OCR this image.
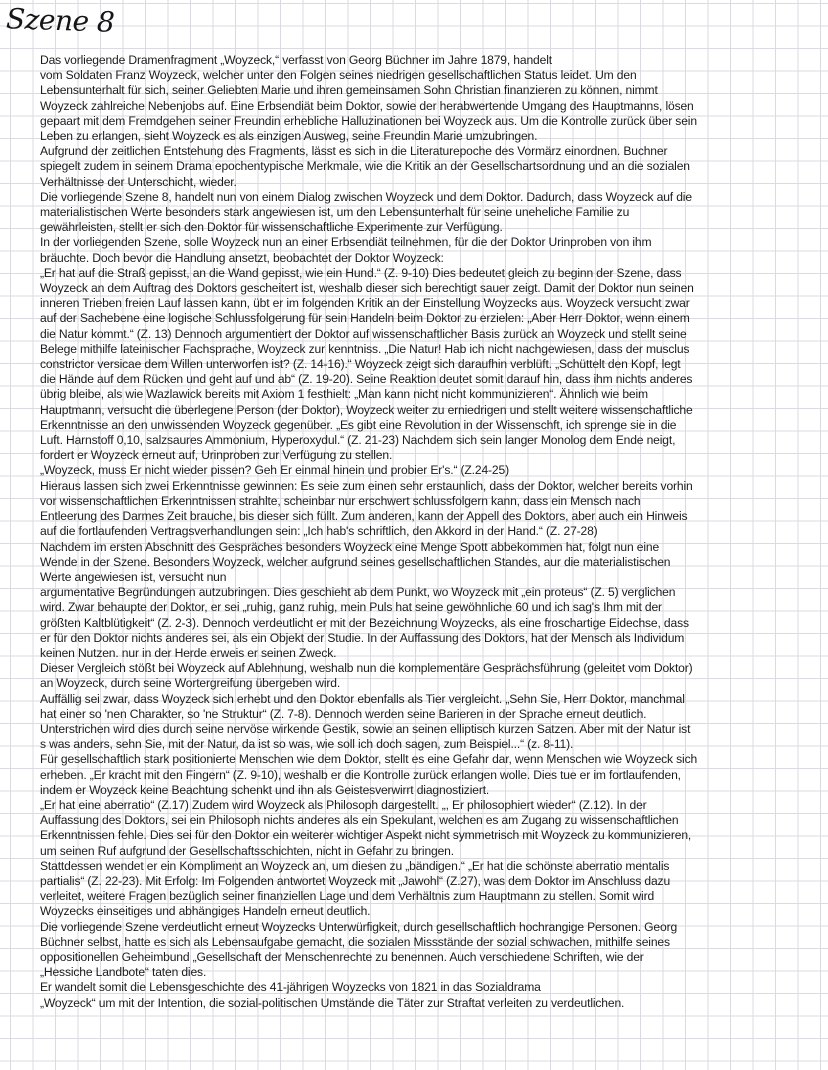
Szene 8
Das vorliegende Dramenfragment „Woyzeck,“ verfasst von Georg Büchner im Jahre 1879, handelt
vom Soldaten Franz Woyzeck, welcher unter den Folgen seines niedrigen gesellschaftlichen Status leidet. Um den
Lebensunterhalt für sich, seiner Geliebten Marie und ihren gemeinsamen Sohn Christian finanzieren zu können, nimmt
Woyzeck zahlreiche Nebenjobs auf. Eine Erbsendiät beim Doktor, sowie der herabwertende Umgang des Hauptmanns, lösen
gepaart mit dem Fremdgehen seiner Freundin erhebliche Halluzinationen bei Woyzeck aus. Um die Kontrolle zurück über sein
Leben zu erlangen, sieht Woyzeck es als einzigen Ausweg, seine Freundin Marie umzubringen.
Aufgrund der zeitlichen Entstehung des Fragments, lässt es sich in die Literaturepoche des Vormärz einordnen. Buchner
spiegelt zudem in seinem Drama epochentypische Merkmale, wie die Kritik an der Gesellschartsordnung und an die sozialen
Verhältnisse der Unterschicht, wieder.
Die vorliegende Szene 8, handelt nun von einem Dialog zwischen Woyzeck und dem Doktor. Dadurch, dass Woyzeck auf die
materialistischen Werte besonders stark angewiesen ist, um den Lebensunterhalt für seine uneheliche Familie zu
gewährleisten, stellt er sich den Doktor für wissenschaftliche Experimente zur Verfügung.
In der vorliegenden Szene, solle Woyzeck nun an einer Erbsendiät teilnehmen, für die der Doktor Urinproben von ihm
bräuchte. Doch bevor die Handlung ansetzt, beobachtet der Doktor Woyzeck:
„Er hat auf die Straß gepisst, an die Wand gepisst, wie ein Hund.“ (Z. 9-10) Dies bedeutet gleich zu beginn der Szene, dass
Woyzeck an dem Auftrag des Doktors gescheitert ist, weshalb dieser sich berechtigt sauer zeigt. Damit der Doktor nun seinen
inneren Trieben freien Lauf lassen kann, übt er im folgenden Kritik an der Einstellung Woyzecks aus. Woyzeck versucht zwar
auf der Sachebene eine logische Schlussfolgerung für sein Handeln beim Doktor zu erzielen: „Aber Herr Doktor, wenn einem
die Natur kommt.“ (Z. 13) Dennoch argumentiert der Doktor auf wissenschaftlicher Basis zurück an Woyzeck und stellt seine
Belege mithilfe lateinischer Fachsprache, Woyzeck zur kenntniss. „Die Natur! Hab ich nicht nachgewiesen, dass der musclus
constrictor versicae dem Willen unterworfen ist? (Z. 14-16).“ Woyzeck zeigt sich daraufhin verblüft. „Schüttelt den Kopf, legt
die Hände auf dem Rücken und geht auf und ab“ (Z. 19-20). Seine Reaktion deutet somit darauf hin, dass ihm nichts anderes
übrig bleibe, als wie Wazlawick bereits mit Axiom 1 festhielt: „Man kann nicht nicht kommunizieren“. Ähnlich wie beim
Hauptmann, versucht die überlegene Person (der Doktor), Woyzeck weiter zu erniedrigen und stellt weitere wissenschaftliche
Erkenntnisse an den unwissenden Woyzeck gegenüber. „Es gibt eine Revolution in der Wissenschft, ich sprenge sie in die
Luft. Harnstoff 0,10, salzsaures Ammonium, Hyperoxydul.“ (Z. 21-23) Nachdem sich sein langer Monolog dem Ende neigt,
fordert er Woyzeck erneut auf, Urinproben zur Verfügung zu stellen.
„Woyzeck, muss Er nicht wieder pissen? Geh Er einmal hinein und probier Er's.“ (Z.24-25)
Hieraus lassen sich zwei Erkenntnisse gewinnen: Es seie zum einen sehr erstaunlich, dass der Doktor, welcher bereits vorhin
vor wissenschaftlichen Erkenntnissen strahlte, scheinbar nur erschwert schlussfolgern kann, dass ein Mensch nach
Entleerung des Darmes Zeit brauche, bis dieser sich füllt. Zum anderen, kann der Appell des Doktors, aber auch ein Hinweis
auf die fortlaufenden Vertragsverhandlungen sein: „Ich hab's schriftlich, den Akkord in der Hand.“ (Z. 27-28)
Nachdem im ersten Abschnitt des Gespräches besonders Woyzeck eine Menge Spott abbekommen hat, folgt nun eine
Wende in der Szene. Besonders Woyzeck, welcher aufgrund seines gesellschaftlichen Standes, aur die materialistischen
Werte angewiesen ist, versucht nun
argumentative Begründungen autzubringen. Dies geschieht ab dem Punkt, wo Woyzeck mit „ein proteus“ (Z. 5) verglichen
wird. Zwar behaupte der Doktor, er sei „ruhig, ganz ruhig, mein Puls hat seine gewöhnliche 60 und ich sag's Ihm mit der
größten Kaltblütigkeit“ (Z. 2-3). Dennoch verdeutlicht er mit der Bezeichnung Woyzecks, als eine froschartige Eidechse, dass
er für den Doktor nichts anderes sei, als ein Objekt der Studie. In der Auffassung des Doktors, hat der Mensch als Individum
keinen Nutzen. nur in der Herde erweis er seinen Zweck.
Dieser Vergleich stößt bei Woyzeck auf Ablehnung, weshalb nun die komplementäre Gesprächsführung (geleitet vom Doktor)
an Woyzeck, durch seine Wortergreifung übergeben wird.
Auffällig sei zwar, dass Woyzeck sich erhebt und den Doktor ebenfalls als Tier vergleicht. „Sehn Sie, Herr Doktor, manchmal
hat einer so 'nen Charakter, so 'ne Struktur“ (Z. 7-8). Dennoch werden seine Barieren in der Sprache erneut deutlich.
Unterstrichen wird dies durch seine nervöse wirkende Gestik, sowie an seinen elliptisch kurzen Satzen. Aber mit der Natur ist
s was anders, sehn Sie, mit der Natur, da ist so was, wie soll ich doch sagen, zum Beispiel...“ (z. 8-11).
Für gesellschaftlich stark positionierte Menschen wie dem Doktor, stellt es eine Gefahr dar, wenn Menschen wie Woyzeck sich
erheben. „Er kracht mit den Fingern“ (Z. 9-10), weshalb er die Kontrolle zurück erlangen wolle. Dies tue er im fortlaufenden,
indem er Woyzeck keine Beachtung schenkt und ihn als Geistesverwirrt diagnostiziert.
„Er hat eine aberratio“ (Z.17) Zudem wird Woyzeck als Philosoph dargestellt. „, Er philosophiert wieder“ (Z.12). In der
Auffassung des Doktors, sei ein Philosoph nichts anderes als ein Spekulant, welchen es am Zugang zu wissenschaftlichen
Erkenntnissen fehle. Dies sei für den Doktor ein weiterer wichtiger Aspekt nicht symmetrisch mit Woyzeck zu kommunizieren,
um seinen Ruf aufgrund der Gesellschaftsschichten, nicht in Gefahr zu bringen.
Stattdessen wendet er ein Kompliment an Woyzeck an, um diesen zu „bändigen.“ „Er hat die schönste aberratio mentalis
partialis“ (Z. 22-23). Mit Erfolg: Im Folgenden antwortet Woyzeck mit „Jawohl“ (Z.27), was dem Doktor im Anschluss dazu
verleitet, weitere Fragen bezüglich seiner finanziellen Lage und dem Verhältnis zum Hauptmann zu stellen. Somit wird
Woyzecks einseitiges und abhängiges Handeln erneut deutlich.
Die vorliegende Szene verdeutlicht erneut Woyzecks Unterwürfigkeit, durch gesellschaftlich hochrangige Personen. Georg
Büchner selbst, hatte es sich als Lebensaufgabe gemacht, die sozialen Missstände der sozial schwachen, mithilfe seines
oppositionellen Geheimbund „Gesellschaft der Menschenrechte zu benennen. Auch verschiedene Schriften, wie der
„Hessiche Landbote“ taten dies.
Er wandelt somit die Lebensgeschichte des 41-jährigen Woyzecks von 1821 in das Sozialdrama
„Woyzeck“ um mit der Intention, die sozial-politischen Umstände die Täter zur Straftat verleiten zu verdeutlichen.
